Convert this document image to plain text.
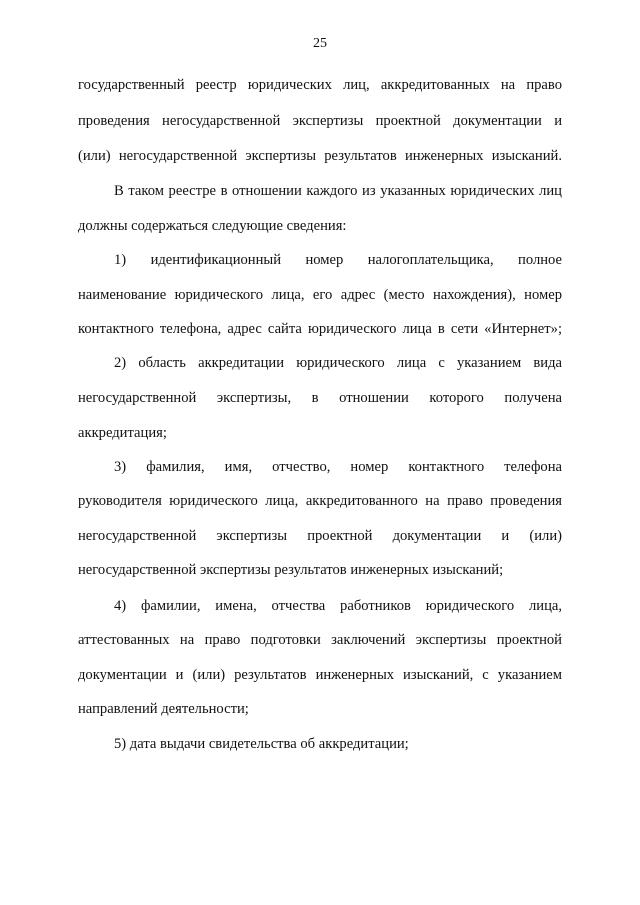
25
государственный реестр юридических лиц, аккредитованных на право
проведения негосударственной экспертизы проектной документации и
(или) негосударственной экспертизы результатов инженерных изысканий.
В таком реестре в отношении каждого из указанных юридических лиц
должны содержаться следующие сведения:
1) идентификационный номер налогоплательщика, полное
наименование юридического лица, его адрес (место нахождения), номер
контактного телефона, адрес сайта юридического лица в сети «Интернет»;
2) область аккредитации юридического лица с указанием вида
негосударственной экспертизы, в отношении которого получена
аккредитация;
3) фамилия, имя, отчество, номер контактного телефона
руководителя юридического лица, аккредитованного на право проведения
негосударственной экспертизы проектной документации и (или)
негосударственной экспертизы результатов инженерных изысканий;
4) фамилии, имена, отчества работников юридического лица,
аттестованных на право подготовки заключений экспертизы проектной
документации и (или) результатов инженерных изысканий, с указанием
направлений деятельности;
5) дата выдачи свидетельства об аккредитации;
